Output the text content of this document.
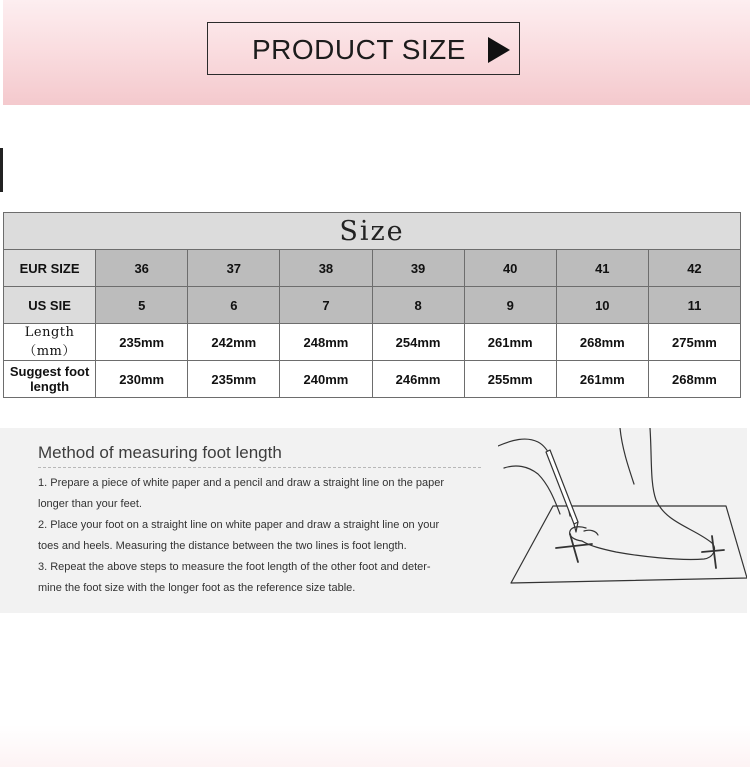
PRODUCT SIZE
Size							
EUR SIZE	36	37	38	39	40	41	42
US SIE	5	6	7	8	9	10	11
Length（mm）	235mm	242mm	248mm	254mm	261mm	268mm	275mm
Suggest foot length	230mm	235mm	240mm	246mm	255mm	261mm	268mm
Method of measuring foot length

1. Prepare a piece of white paper and a pencil and draw a straight line on the paper

longer than your feet.

2. Place your foot on a straight line on white paper and draw a straight line on your

toes and heels. Measuring the distance between the two lines is foot length.

3. Repeat the above steps to measure the foot length of the other foot and deter-

mine the foot size with the longer foot as the reference size table.
